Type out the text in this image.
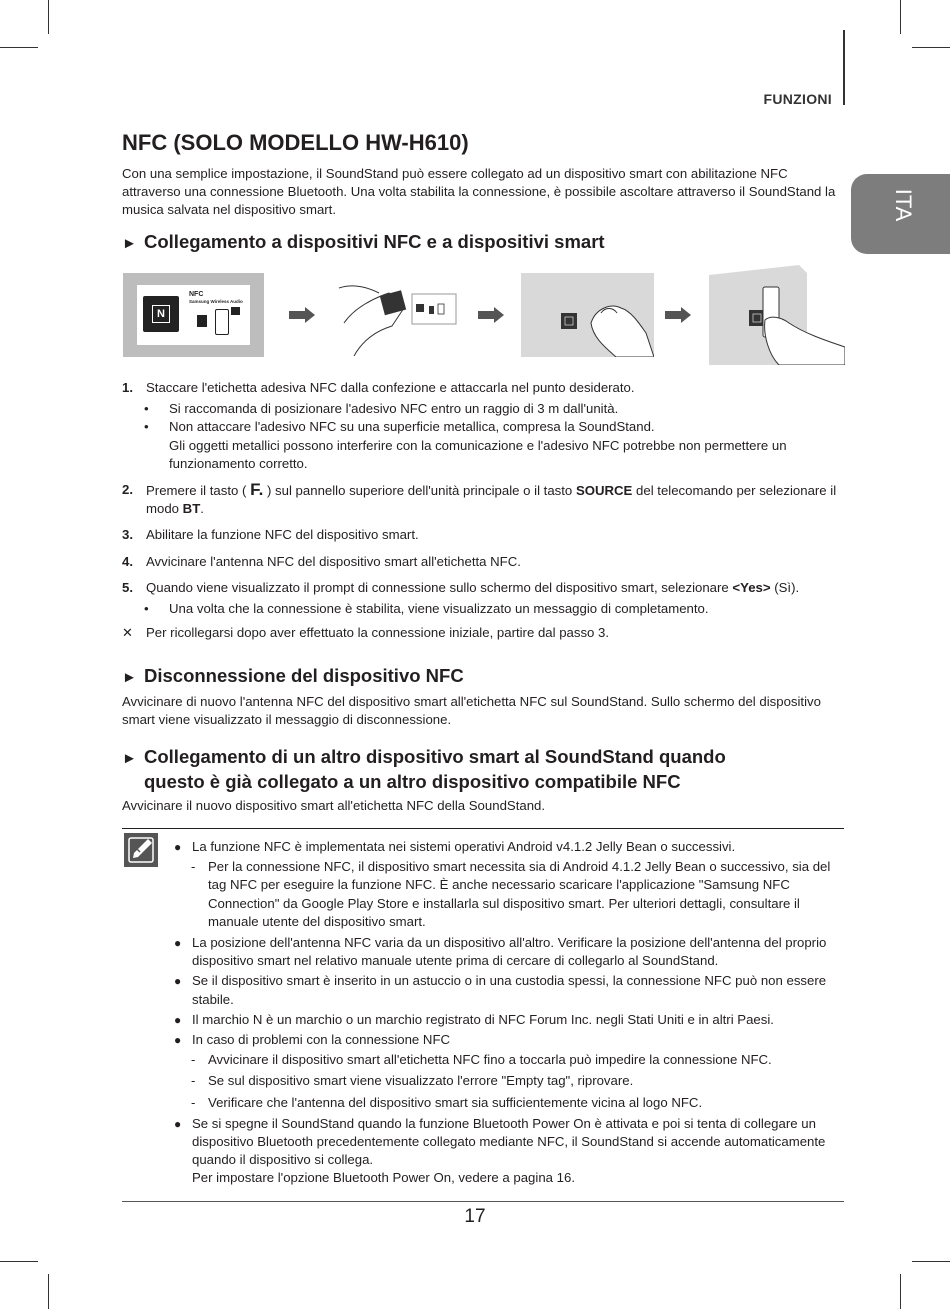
FUNZIONI
ITA
NFC (SOLO MODELLO HW-H610)

Con una semplice impostazione, il SoundStand può essere collegato ad un dispositivo smart con abilitazione NFC attraverso una connessione Bluetooth. Una volta stabilita la connessione, è possibile ascoltare attraverso il SoundStand la musica salvata nel dispositivo smart.

► Collegamento a dispositivi NFC e a dispositivi smart
N
NFC
Samsung Wireless Audio
1. Staccare l'etichetta adesiva NFC dalla confezione e attaccarla nel punto desiderato.
• Si raccomanda di posizionare l'adesivo NFC entro un raggio di 3 m dall'unità.
• Non attaccare l'adesivo NFC su una superficie metallica, compresa la SoundStand.
Gli oggetti metallici possono interferire con la comunicazione e l'adesivo NFC potrebbe non permettere un funzionamento corretto.
2. Premere il tasto ( F. ) sul pannello superiore dell'unità principale o il tasto SOURCE del telecomando per selezionare il modo BT.
3. Abilitare la funzione NFC del dispositivo smart.
4. Avvicinare l'antenna NFC del dispositivo smart all'etichetta NFC.
5. Quando viene visualizzato il prompt di connessione sullo schermo del dispositivo smart, selezionare <Yes> (Sì).
• Una volta che la connessione è stabilita, viene visualizzato un messaggio di completamento.
✕ Per ricollegarsi dopo aver effettuato la connessione iniziale, partire dal passo 3.
► Disconnessione del dispositivo NFC

Avvicinare di nuovo l'antenna NFC del dispositivo smart all'etichetta NFC sul SoundStand. Sullo schermo del dispositivo smart viene visualizzato il messaggio di disconnessione.

► Collegamento di un altro dispositivo smart al SoundStand quando
questo è già collegato a un altro dispositivo compatibile NFC

Avvicinare il nuovo dispositivo smart all'etichetta NFC della SoundStand.

● La funzione NFC è implementata nei sistemi operativi Android v4.1.2 Jelly Bean o successivi.
- Per la connessione NFC, il dispositivo smart necessita sia di Android 4.1.2 Jelly Bean o successivo, sia del tag NFC per eseguire la funzione NFC. È anche necessario scaricare l'applicazione "Samsung NFC Connection" da Google Play Store e installarla sul dispositivo smart. Per ulteriori dettagli, consultare il manuale utente del dispositivo smart.
● La posizione dell'antenna NFC varia da un dispositivo all'altro. Verificare la posizione dell'antenna del proprio dispositivo smart nel relativo manuale utente prima di cercare di collegarlo al SoundStand.
● Se il dispositivo smart è inserito in un astuccio o in una custodia spessi, la connessione NFC può non essere stabile.
● Il marchio N è un marchio o un marchio registrato di NFC Forum Inc. negli Stati Uniti e in altri Paesi.
● In caso di problemi con la connessione NFC
- Avvicinare il dispositivo smart all'etichetta NFC fino a toccarla può impedire la connessione NFC.
- Se sul dispositivo smart viene visualizzato l'errore "Empty tag", riprovare.
- Verificare che l'antenna del dispositivo smart sia sufficientemente vicina al logo NFC.
● Se si spegne il SoundStand quando la funzione Bluetooth Power On è attivata e poi si tenta di collegare un dispositivo Bluetooth precedentemente collegato mediante NFC, il SoundStand si accende automaticamente quando il dispositivo si collega.
Per impostare l'opzione Bluetooth Power On, vedere a pagina 16.
17
